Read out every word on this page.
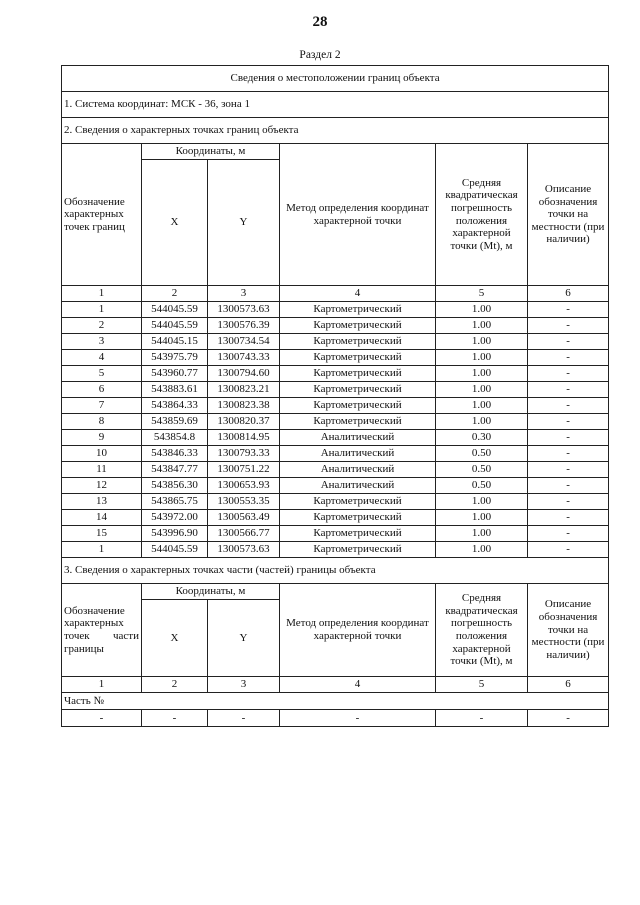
28
Раздел 2
Сведения о местоположении границ объекта					
1. Система координат: МСК - 36, зона 1					
2. Сведения о характерных точках границ объекта					
Обозначение характерных точек границ	Координаты, м		Метод определения координат характерной точки	Средняя квадратическая погрешность положения характерной точки (Mt), м	Описание обозначения точки на местности (при наличии)
	X	Y			
1	2	3	4	5	6
1	544045.59	1300573.63	Картометрический	1.00	-
2	544045.59	1300576.39	Картометрический	1.00	-
3	544045.15	1300734.54	Картометрический	1.00	-
4	543975.79	1300743.33	Картометрический	1.00	-
5	543960.77	1300794.60	Картометрический	1.00	-
6	543883.61	1300823.21	Картометрический	1.00	-
7	543864.33	1300823.38	Картометрический	1.00	-
8	543859.69	1300820.37	Картометрический	1.00	-
9	543854.8	1300814.95	Аналитический	0.30	-
10	543846.33	1300793.33	Аналитический	0.50	-
11	543847.77	1300751.22	Аналитический	0.50	-
12	543856.30	1300653.93	Аналитический	0.50	-
13	543865.75	1300553.35	Картометрический	1.00	-
14	543972.00	1300563.49	Картометрический	1.00	-
15	543996.90	1300566.77	Картометрический	1.00	-
1	544045.59	1300573.63	Картометрический	1.00	-
3. Сведения о характерных точках части (частей) границы объекта					
Обозначение характерных точек части границы	Координаты, м		Метод определения координат характерной точки	Средняя квадратическая погрешность положения характерной точки (Mt), м	Описание обозначения точки на местности (при наличии)
	X	Y			
1	2	3	4	5	6
Часть №					
-	-	-	-	-	-
